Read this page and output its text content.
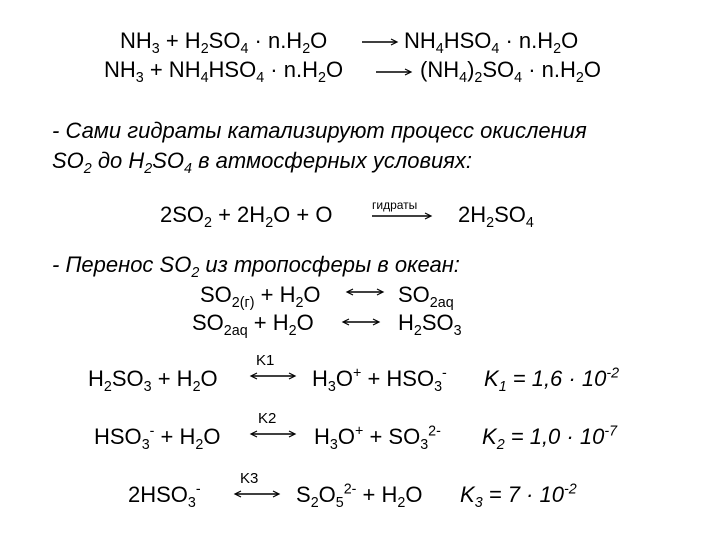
$NH_3 + H_2SO_4 \cdot n.H_2O$	$NH_4HSO_4 \cdot n.H_2O$
$NH_3 + NH_4HSO_4 \cdot n.H_2O$	$(NH_4)_2SO_4 \cdot n.H_2O$
- Сами гидраты катализируют процесс окисления
$SO_2$ до $H_2SO_4$ в атмосферных условиях:
$2SO_2 + 2H_2O + O$	гидраты $2H_2SO_4$
- Перенос $SO_2$ из тропосферы в океан:
$SO_{2(г)} + H_2O$	$SO_{2aq}$
$SO_{2aq} + H_2O$	$H_2SO_3$
$H_2SO_3 + H_2O$
K1
$H_3O^+ + HSO_3^-$ $K_1 = 1,6 \cdot 10^{-2}$
$HSO_3^- + H_2O$
K2
$H_3O^+ + SO_3^{2-}$ $K_2 = 1,0 \cdot 10^{-7}$
$2HSO_3^-$
K3
$S_2O_5^{2-} + H_2O$ $K_3 = 7 \cdot 10^{-2}$
